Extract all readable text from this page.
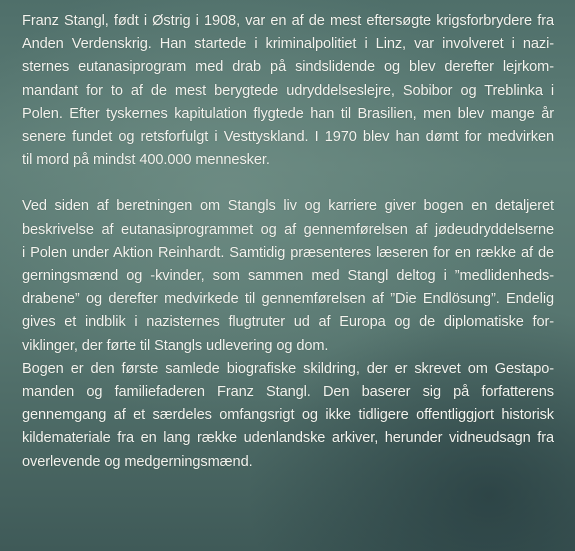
Franz Stangl, født i Østrig i 1908, var en af de mest eftersøgte krigsforbrydere fra
Anden Verdenskrig. Han startede i kriminalpolitiet i Linz, var involveret i nazi-
sternes eutanasiprogram med drab på sindslidende og blev derefter lejrkom-
mandant for to af de mest berygtede udryddelseslejre, Sobibor og Treblinka i
Polen. Efter tyskernes kapitulation flygtede han til Brasilien, men blev mange år
senere fundet og retsforfulgt i Vesttyskland. I 1970 blev han dømt for medvirken
til mord på mindst 400.000 mennesker.
Ved siden af beretningen om Stangls liv og karriere giver bogen en detaljeret
beskrivelse af eutanasiprogrammet og af gennemførelsen af jødeudryddelserne
i Polen under Aktion Reinhardt. Samtidig præsenteres læseren for en række af de
gerningsmænd og -kvinder, som sammen med Stangl deltog i ”medlidenheds-
drabene” og derefter medvirkede til gennemførelsen af ”Die Endlösung”. Endelig
gives et indblik i nazisternes flugtruter ud af Europa og de diplomatiske for-
viklinger, der førte til Stangls udlevering og dom.
Bogen er den første samlede biografiske skildring, der er skrevet om Gestapo-
manden og familiefaderen Franz Stangl. Den baserer sig på forfatterens
gennemgang af et særdeles omfangsrigt og ikke tidligere offentliggjort historisk
kildemateriale fra en lang række udenlandske arkiver, herunder vidneudsagn fra
overlevende og medgerningsmænd.
